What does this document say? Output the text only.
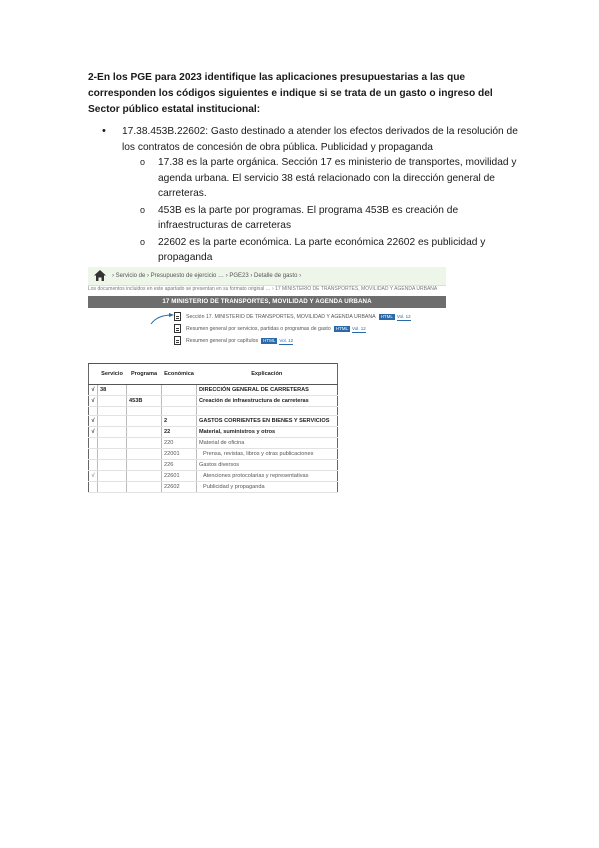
2-En los PGE para 2023 identifique las aplicaciones presupuestarias a las que corresponden los códigos siguientes e indique si se trata de un gasto o ingreso del Sector público estatal institucional:
• 17.38.453B.22602: Gasto destinado a atender los efectos derivados de la resolución de los contratos de concesión de obra pública. Publicidad y propaganda
o 17.38 es la parte orgánica. Sección 17 es ministerio de transportes, movilidad y agenda urbana. El servicio 38 está relacionado con la dirección general de carreteras.
o 453B es la parte por programas. El programa 453B es creación de infraestructuras de carreteras
o 22602 es la parte económica. La parte económica 22602 es publicidad y propaganda
› Servicio de › Presupuesto de ejercicio … › PGE23 › Detalle de gasto ›
Los documentos incluidos en este apartado se presentan en su formato original … › 17 MINISTERIO DE TRANSPORTES, MOVILIDAD Y AGENDA URBANA
17 MINISTERIO DE TRANSPORTES, MOVILIDAD Y AGENDA URBANA
Sección 17. MINISTERIO DE TRANSPORTES, MOVILIDAD Y AGENDA URBANA HTML Vol. 12
Resumen general por servicios, partidas o programas de gasto HTML Vol. 12
Resumen general por capítulos HTML Vol. 12
	Servicio	Programa	Económica	Explicación
√	38			DIRECCIÓN GENERAL DE CARRETERAS
√		453B		Creación de infraestructura de carreteras

√			2	GASTOS CORRIENTES EN BIENES Y SERVICIOS
√			22	Material, suministros y otros
			220	Material de oficina
			22001	Prensa, revistas, libros y otras publicaciones
			226	Gastos diversos
√			22601	Atenciones protocolarias y representativas
			22602	Publicidad y propaganda
